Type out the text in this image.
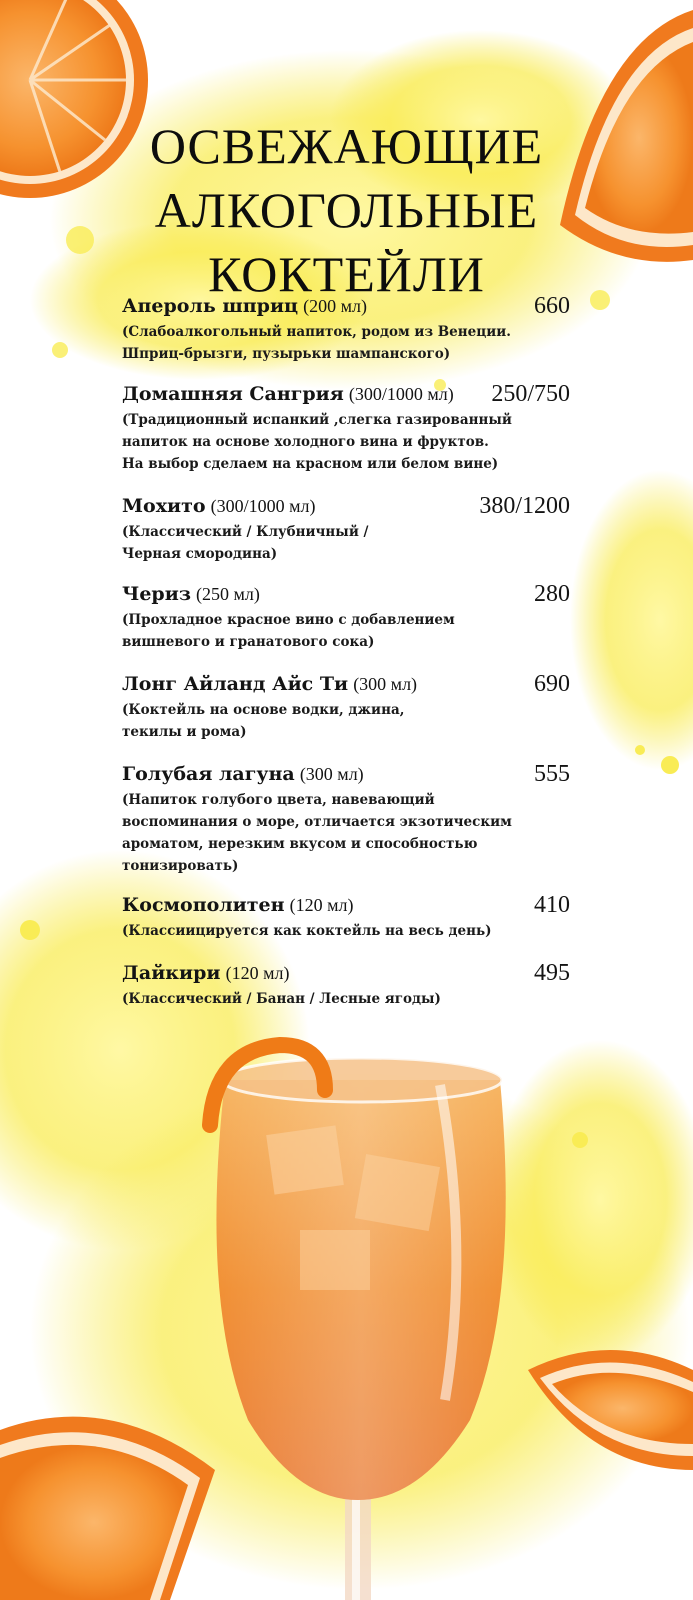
ОСВЕЖАЮЩИЕ
АЛКОГОЛЬНЫЕ
КОКТЕЙЛИ
Апероль шприц (200 мл)	660
(Слабоалкогольный напиток, родом из Венеции.
Шприц-брызги, пузырьки шампанского)
Домашняя Сангрия (300/1000 мл) 250/750
(Традиционный испанкий ,слегка газированный
напиток на основе холодного вина и фруктов.
На выбор сделаем на красном или белом вине)
Мохито (300/1000 мл)	380/1200
(Классический / Клубничный /
Черная смородина)
Чериз (250 мл)	280
(Прохладное красное вино с добавлением
вишневого и гранатового сока)
Лонг Айланд Айс Ти (300 мл)	690
(Коктейль на основе водки, джина,
текилы и рома)
Голубая лагуна (300 мл)	555
(Напиток голубого цвета, навевающий
воспоминания о море, отличается экзотическим
ароматом, нерезким вкусом и способностью
тонизировать)
Космополитен (120 мл)	410
(Классиицируется как коктейль на весь день)
Дайкири (120 мл)	495
(Классический / Банан / Лесные ягоды)
